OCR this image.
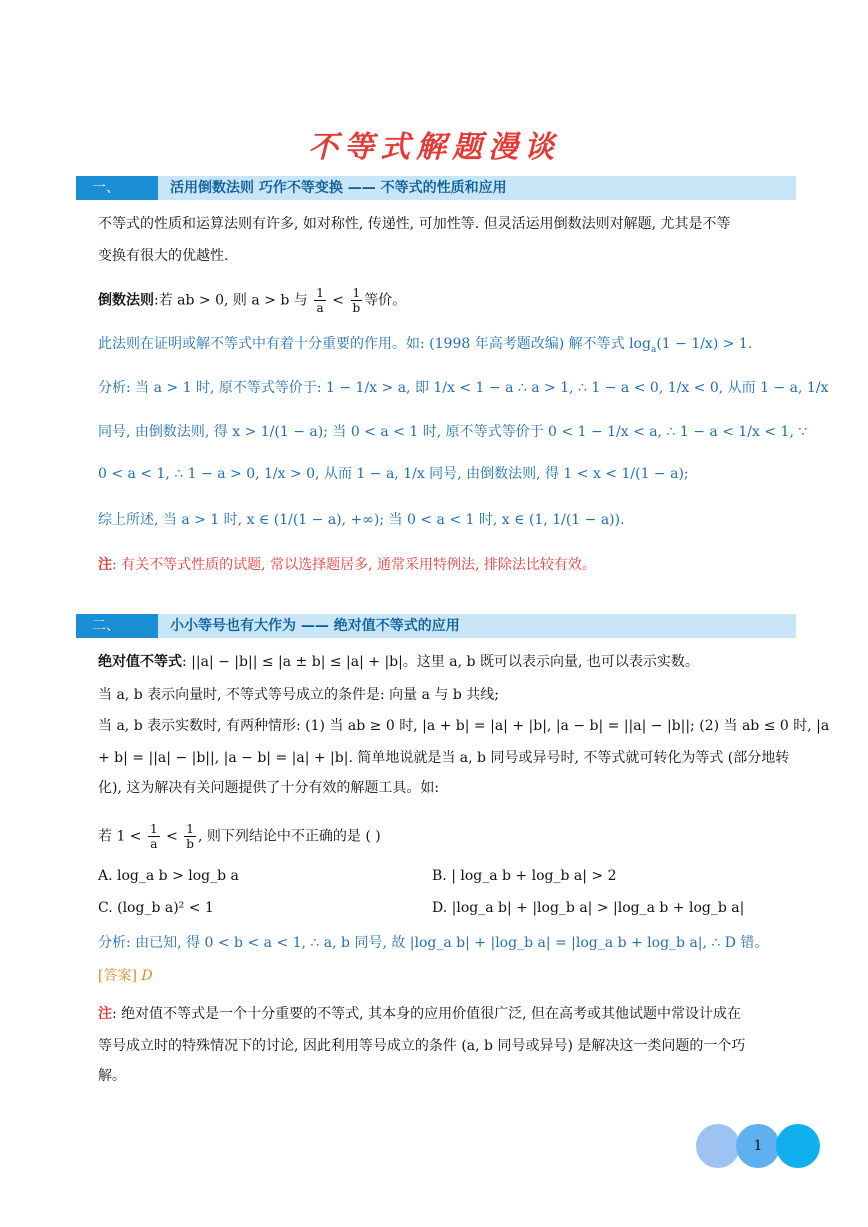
不等式解题漫谈
一、	活用倒数法则 巧作不等变换 —— 不等式的性质和应用
不等式的性质和运算法则有许多, 如对称性, 传递性, 可加性等. 但灵活运用倒数法则对解题, 尤其是不等
变换有很大的优越性.
倒数法则:若 ab > 0, 则 a > b 与 $\frac{1}{a} < \frac{1}{b}$ 等价。
此法则在证明或解不等式中有着十分重要的作用。如: (1998 年高考题改编) 解不等式 $\log_a(1 - 1/x) > 1$.
分析: 当 a > 1 时, 原不等式等价于: 1 − 1/x > a, 即 1/x < 1 − a ∴ a > 1, ∴ 1 − a < 0, 1/x < 0, 从而 1 − a, 1/x
同号, 由倒数法则, 得 x > 1/(1 − a); 当 0 < a < 1 时, 原不等式等价于 0 < 1 − 1/x < a, ∴ 1 − a < 1/x < 1, ∵
0 < a < 1, ∴ 1 − a > 0, 1/x > 0, 从而 1 − a, 1/x 同号, 由倒数法则, 得 1 < x < 1/(1 − a);
综上所述, 当 a > 1 时, x ∈ (1/(1 − a), +∞); 当 0 < a < 1 时, x ∈ (1, 1/(1 − a)).
注: 有关不等式性质的试题, 常以选择题居多, 通常采用特例法, 排除法比较有效。
二、	小小等号也有大作为 —— 绝对值不等式的应用
绝对值不等式: ||a| − |b|| ≤ |a ± b| ≤ |a| + |b|。这里 a, b 既可以表示向量, 也可以表示实数。
当 a, b 表示向量时, 不等式等号成立的条件是: 向量 a 与 b 共线;
当 a, b 表示实数时, 有两种情形: (1) 当 ab ≥ 0 时, |a + b| = |a| + |b|, |a − b| = ||a| − |b||; (2) 当 ab ≤ 0 时, |a
+ b| = ||a| − |b||, |a − b| = |a| + |b|. 简单地说就是当 a, b 同号或异号时, 不等式就可转化为等式 (部分地转
化), 这为解决有关问题提供了十分有效的解题工具。如:
若 $1 < \frac{1}{a} < \frac{1}{b}$ , 则下列结论中不正确的是 ( )
A. log_a b > log_b a	B. | log_a b + log_b a| > 2
C. (log_b a)² < 1	D. |log_a b| + |log_b a| > |log_a b + log_b a|
分析: 由已知, 得 0 < b < a < 1, ∴ a, b 同号, 故 |log_a b| + |log_b a| = |log_a b + log_b a|, ∴ D 错。
[答案] D
注: 绝对值不等式是一个十分重要的不等式, 其本身的应用价值很广泛, 但在高考或其他试题中常设计成在
等号成立时的特殊情况下的讨论, 因此利用等号成立的条件 (a, b 同号或异号) 是解决这一类问题的一个巧
解。
1
